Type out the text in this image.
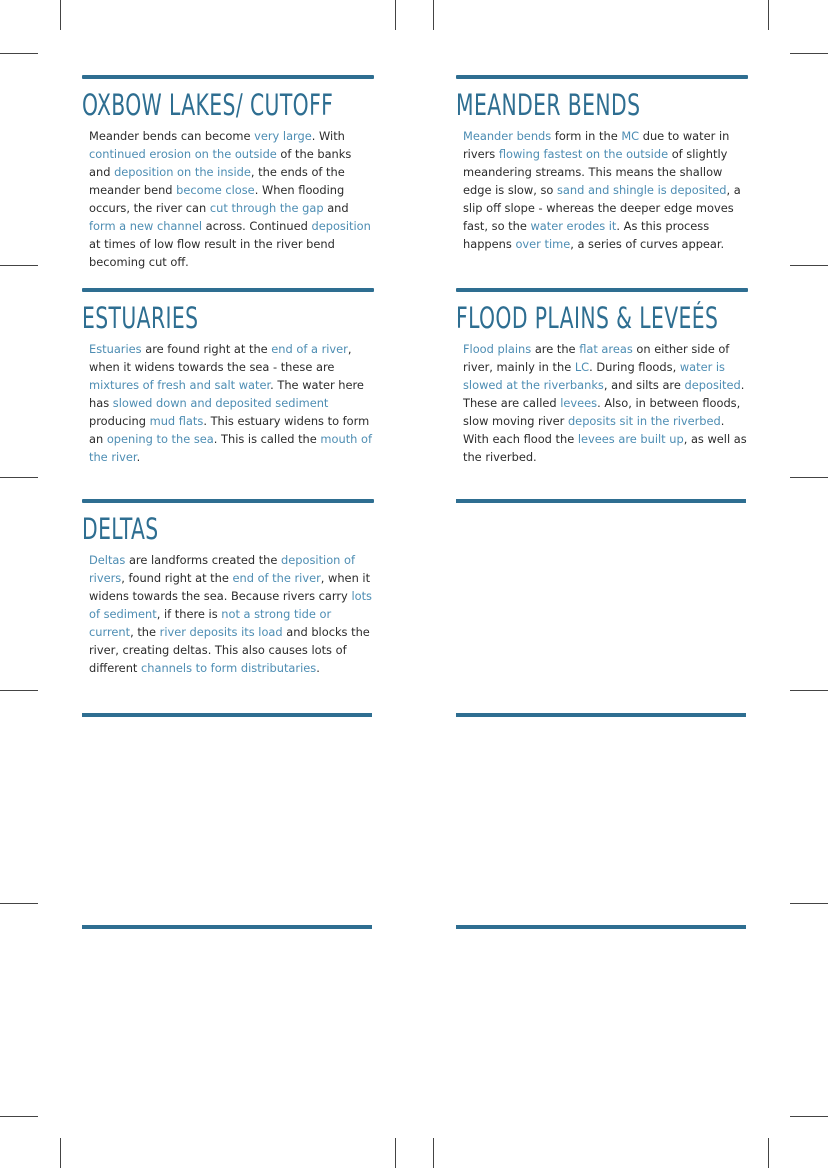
OXBOW LAKES/ CUTOFF
Meander bends can become very large. With continued erosion on the outside of the banks and deposition on the inside, the ends of the meander bend become close. When flooding occurs, the river can cut through the gap and form a new channel across. Continued deposition at times of low flow result in the river bend becoming cut off.
MEANDER BENDS
Meander bends form in the MC due to water in rivers flowing fastest on the outside of slightly meandering streams. This means the shallow edge is slow, so sand and shingle is deposited, a slip off slope - whereas the deeper edge moves fast, so the water erodes it. As this process happens over time, a series of curves appear.
ESTUARIES
Estuaries are found right at the end of a river, when it widens towards the sea - these are mixtures of fresh and salt water. The water here has slowed down and deposited sediment producing mud flats. This estuary widens to form an opening to the sea. This is called the mouth of the river.
FLOOD PLAINS & LEVEÉS
Flood plains are the flat areas on either side of river, mainly in the LC. During floods, water is slowed at the riverbanks, and silts are deposited. These are called levees. Also, in between floods, slow moving river deposits sit in the riverbed. With each flood the levees are built up, as well as the riverbed.
DELTAS
Deltas are landforms created the deposition of rivers, found right at the end of the river, when it widens towards the sea. Because rivers carry lots of sediment, if there is not a strong tide or current, the river deposits its load and blocks the river, creating deltas. This also causes lots of different channels to form distributaries.
